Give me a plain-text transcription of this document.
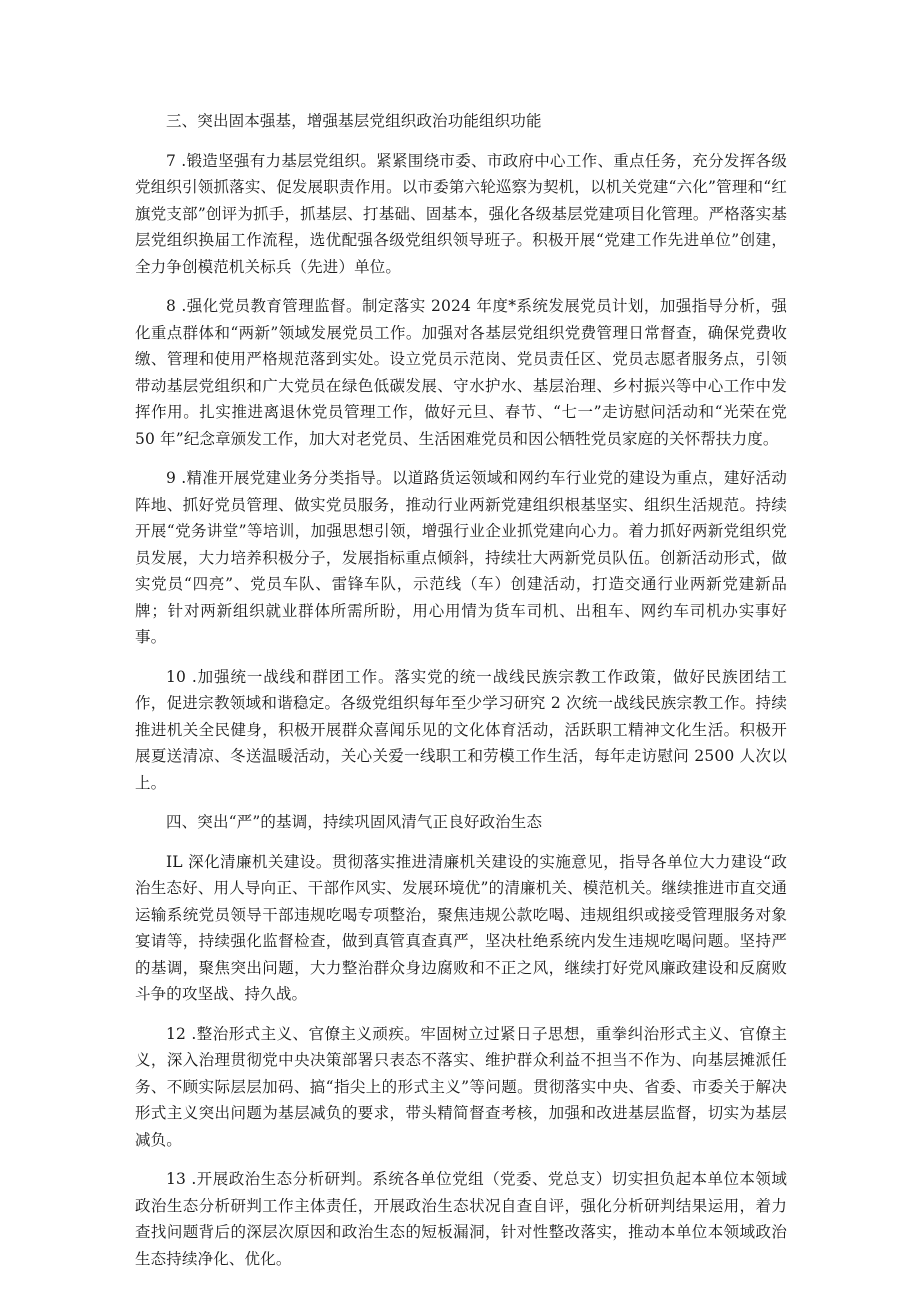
三、突出固本强基，增强基层党组织政治功能组织功能

7 .锻造坚强有力基层党组织。紧紧围绕市委、市政府中心工作、重点任务，充分发挥各级党组织引领抓落实、促发展职责作用。以市委第六轮巡察为契机，以机关党建“六化”管理和“红旗党支部”创评为抓手，抓基层、打基础、固基本，强化各级基层党建项目化管理。严格落实基层党组织换届工作流程，选优配强各级党组织领导班子。积极开展“党建工作先进单位”创建，全力争创模范机关标兵（先进）单位。

8 .强化党员教育管理监督。制定落实 2024 年度*系统发展党员计划，加强指导分析，强化重点群体和“两新”领域发展党员工作。加强对各基层党组织党费管理日常督查，确保党费收缴、管理和使用严格规范落到实处。设立党员示范岗、党员责任区、党员志愿者服务点，引领带动基层党组织和广大党员在绿色低碳发展、守水护水、基层治理、乡村振兴等中心工作中发挥作用。扎实推进离退休党员管理工作，做好元旦、春节、“七一”走访慰问活动和“光荣在党 50 年”纪念章颁发工作，加大对老党员、生活困难党员和因公牺牲党员家庭的关怀帮扶力度。

9 .精准开展党建业务分类指导。以道路货运领域和网约车行业党的建设为重点，建好活动阵地、抓好党员管理、做实党员服务，推动行业两新党建组织根基坚实、组织生活规范。持续开展“党务讲堂”等培训，加强思想引领，增强行业企业抓党建向心力。着力抓好两新党组织党员发展，大力培养积极分子，发展指标重点倾斜，持续壮大两新党员队伍。创新活动形式，做实党员“四亮”、党员车队、雷锋车队，示范线（车）创建活动，打造交通行业两新党建新品牌；针对两新组织就业群体所需所盼，用心用情为货车司机、出租车、网约车司机办实事好事。

10 .加强统一战线和群团工作。落实党的统一战线民族宗教工作政策，做好民族团结工作，促进宗教领域和谐稳定。各级党组织每年至少学习研究 2 次统一战线民族宗教工作。持续推进机关全民健身，积极开展群众喜闻乐见的文化体育活动，活跃职工精神文化生活。积极开展夏送清凉、冬送温暖活动，关心关爱一线职工和劳模工作生活，每年走访慰问 2500 人次以上。

四、突出“严”的基调，持续巩固风清气正良好政治生态

IL 深化清廉机关建设。贯彻落实推进清廉机关建设的实施意见，指导各单位大力建设“政治生态好、用人导向正、干部作风实、发展环境优”的清廉机关、模范机关。继续推进市直交通运输系统党员领导干部违规吃喝专项整治，聚焦违规公款吃喝、违规组织或接受管理服务对象宴请等，持续强化监督检查，做到真管真查真严，坚决杜绝系统内发生违规吃喝问题。坚持严的基调，聚焦突出问题，大力整治群众身边腐败和不正之风，继续打好党风廉政建设和反腐败斗争的攻坚战、持久战。

12 .整治形式主义、官僚主义顽疾。牢固树立过紧日子思想，重拳纠治形式主义、官僚主义，深入治理贯彻党中央决策部署只表态不落实、维护群众利益不担当不作为、向基层摊派任务、不顾实际层层加码、搞“指尖上的形式主义”等问题。贯彻落实中央、省委、市委关于解决形式主义突出问题为基层减负的要求，带头精简督查考核，加强和改进基层监督，切实为基层减负。

13 .开展政治生态分析研判。系统各单位党组（党委、党总支）切实担负起本单位本领域政治生态分析研判工作主体责任，开展政治生态状况自查自评，强化分析研判结果运用，着力查找问题背后的深层次原因和政治生态的短板漏洞，针对性整改落实，推动本单位本领域政治生态持续净化、优化。
